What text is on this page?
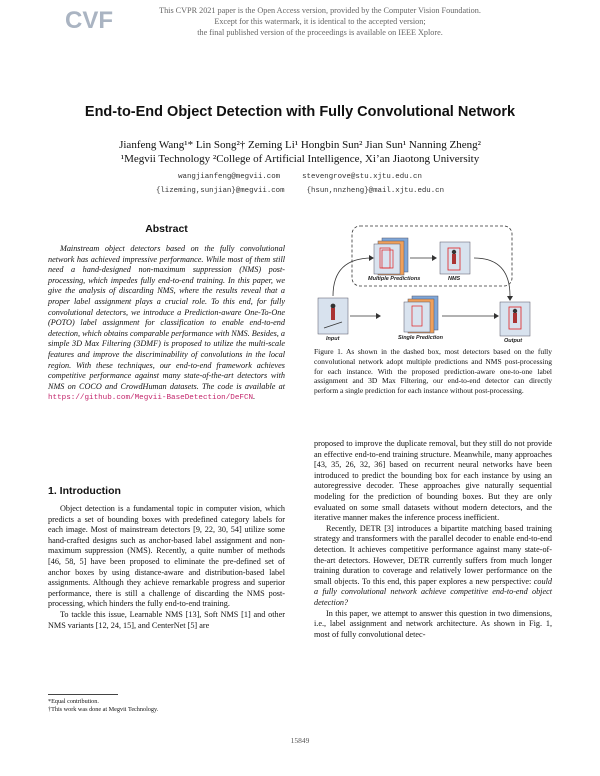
CVF	This CVPR 2021 paper is the Open Access version, provided by the Computer Vision Foundation.
Except for this watermark, it is identical to the accepted version;
the final published version of the proceedings is available on IEEE Xplore.
End-to-End Object Detection with Fully Convolutional Network
Jianfeng Wang¹* Lin Song²† Zeming Li¹ Hongbin Sun² Jian Sun¹ Nanning Zheng²
¹Megvii Technology ²College of Artificial Intelligence, Xi’an Jiaotong University
wangjianfeng@megvii.com	stevengrove@stu.xjtu.edu.cn
{lizeming,sunjian}@megvii.com	{hsun,nnzheng}@mail.xjtu.edu.cn
Abstract

Mainstream object detectors based on the fully convolutional network has achieved impressive performance. While most of them still need a hand-designed non-maximum suppression (NMS) post-processing, which impedes fully end-to-end training. In this paper, we give the analysis of discarding NMS, where the results reveal that a proper label assignment plays a crucial role. To this end, for fully convolutional detectors, we introduce a Prediction-aware One-To-One (POTO) label assignment for classification to enable end-to-end detection, which obtains comparable performance with NMS. Besides, a simple 3D Max Filtering (3DMF) is proposed to utilize the multi-scale features and improve the discriminability of convolutions in the local region. With these techniques, our end-to-end framework achieves competitive performance against many state-of-the-art detectors with NMS on COCO and CrowdHuman datasets. The code is available at https://github.com/Megvii-BaseDetection/DeFCN.

1. Introduction

Object detection is a fundamental topic in computer vision, which predicts a set of bounding boxes with predefined category labels for each image. Most of mainstream detectors [9, 22, 30, 54] utilize some hand-crafted designs such as anchor-based label assignment and non-maximum suppression (NMS). Recently, a quite number of methods [46, 58, 5] have been proposed to eliminate the pre-defined set of anchor boxes by using distance-aware and distribution-based label assignments. Although they achieve remarkable progress and superior performance, there is still a challenge of discarding the NMS post-processing, which hinders the fully end-to-end training.

To tackle this issue, Learnable NMS [13], Soft NMS [1] and other NMS variants [12, 24, 15], and CenterNet [5] are

*Equal contribution.
†This work was done at Megvii Technology.
Multiple Predictions	NMS
Input	Single Prediction	Output
Figure 1. As shown in the dashed box, most detectors based on the fully convolutional network adopt multiple predictions and NMS post-processing for each instance. With the proposed prediction-aware one-to-one label assignment and 3D Max Filtering, our end-to-end detector can directly perform a single prediction for each instance without post-processing.

proposed to improve the duplicate removal, but they still do not provide an effective end-to-end training structure. Meanwhile, many approaches [43, 35, 26, 32, 36] based on recurrent neural networks have been introduced to predict the bounding box for each instance by using an autoregressive decoder. These approaches give naturally sequential modeling for the prediction of bounding boxes. But they are only evaluated on some small datasets without modern detectors, and the iterative manner makes the inference process inefficient.

Recently, DETR [3] introduces a bipartite matching based training strategy and transformers with the parallel decoder to enable end-to-end detection. It achieves competitive performance against many state-of-the-art detectors. However, DETR currently suffers from much longer training duration to coverage and relatively lower performance on the small objects. To this end, this paper explores a new perspective: could a fully convolutional network achieve competitive end-to-end object detection?

In this paper, we attempt to answer this question in two dimensions, i.e., label assignment and network architecture. As shown in Fig. 1, most of fully convolutional detec-

15849
